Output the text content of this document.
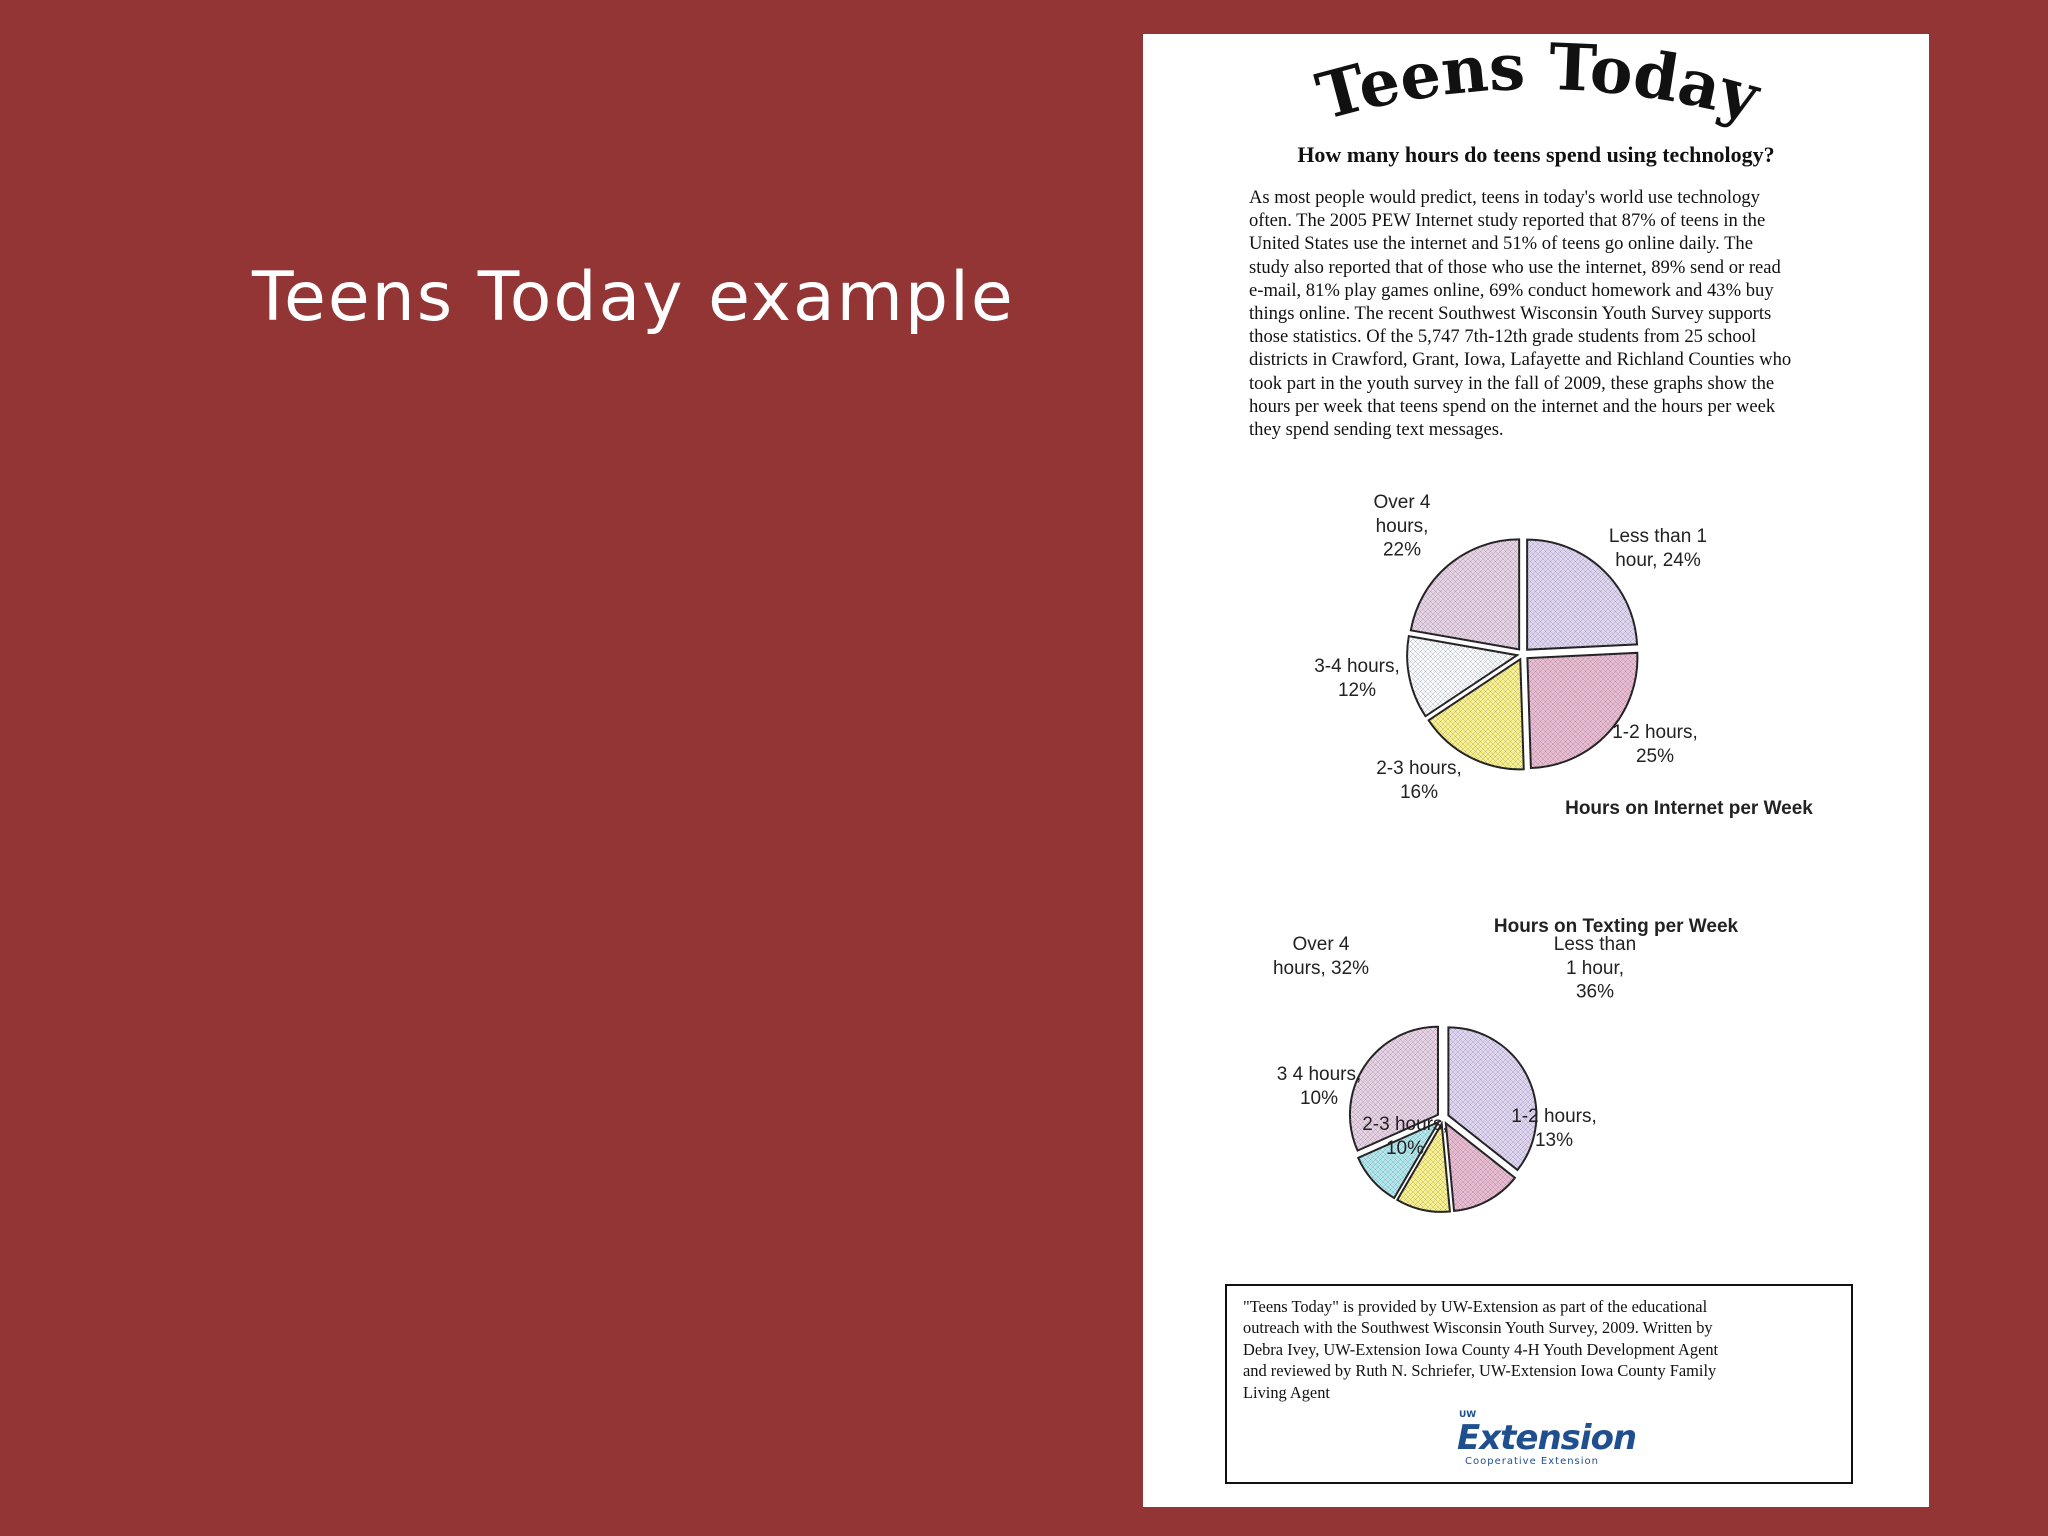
Teens Today example
Teens Today
How many hours do teens spend using technology?
As most people would predict, teens in today's world use technology
often. The 2005 PEW Internet study reported that 87% of teens in the
United States use the internet and 51% of teens go online daily. The
study also reported that of those who use the internet, 89% send or read
e-mail, 81% play games online, 69% conduct homework and 43% buy
things online. The recent Southwest Wisconsin Youth Survey supports
those statistics. Of the 5,747 7th-12th grade students from 25 school
districts in Crawford, Grant, Iowa, Lafayette and Richland Counties who
took part in the youth survey in the fall of 2009, these graphs show the
hours per week that teens spend on the internet and the hours per week
they spend sending text messages.
Less than 1 hour, 24%
1-2 hours, 25%
2-3 hours, 16%
3-4 hours, 12%
Over 4 hours, 22%
Hours on Internet per Week
Less than 1 hour, 36%
1-2 hours, 13%
2-3 hours, 10%
3 4 hours, 10%
Over 4 hours, 32%
Hours on Texting per Week
"Teens Today" is provided by UW-Extension as part of the educational
outreach with the Southwest Wisconsin Youth Survey, 2009. Written by
Debra Ivey, UW-Extension Iowa County 4-H Youth Development Agent
and reviewed by Ruth N. Schriefer, UW-Extension Iowa County Family
Living Agent
UW
Extension
Cooperative Extension
